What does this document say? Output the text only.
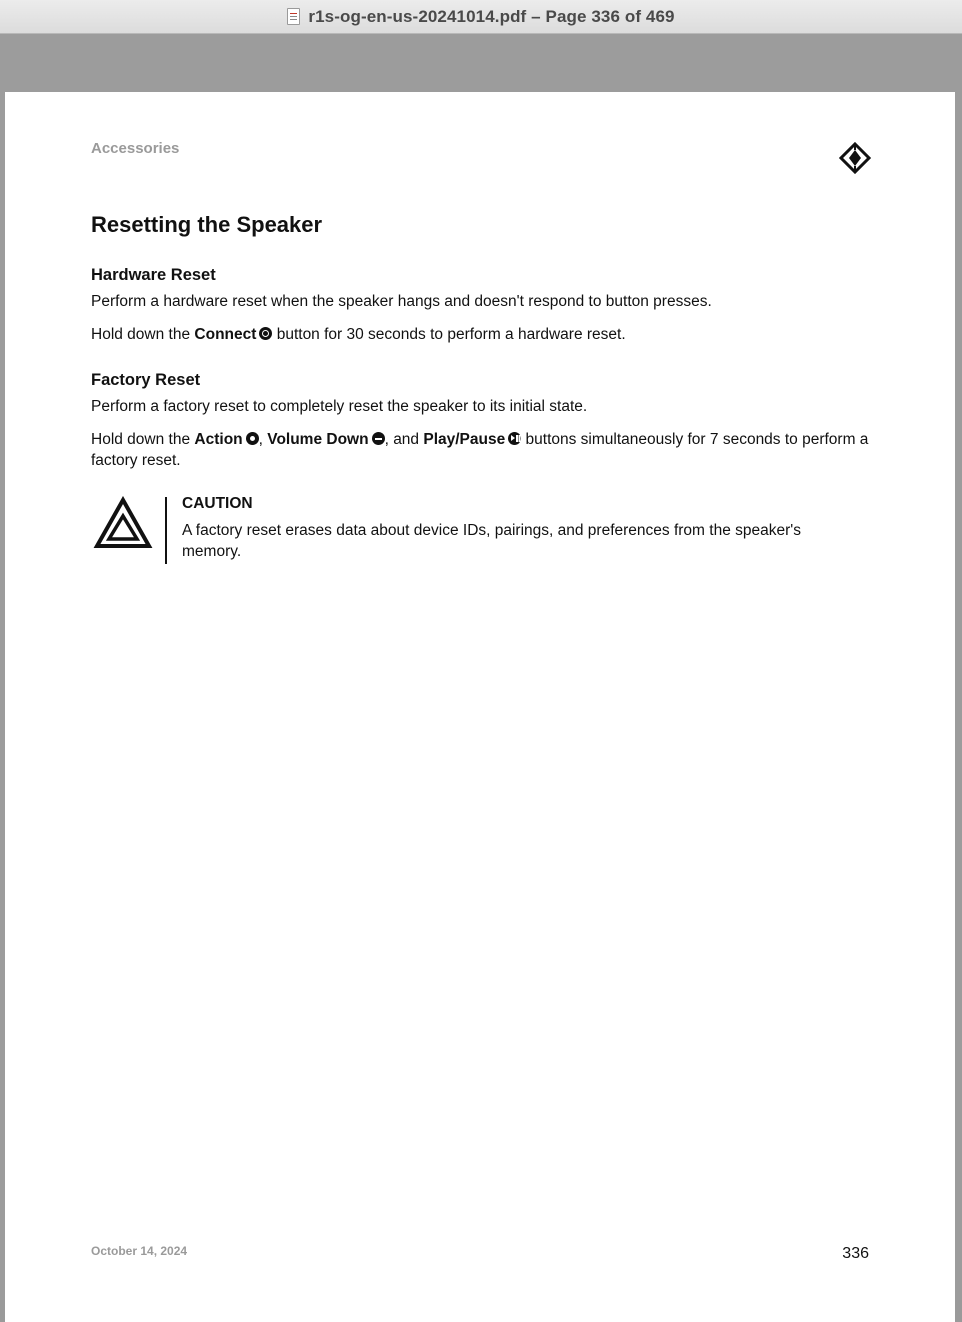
r1s-og-en-us-20241014.pdf – Page 336 of 469
Accessories
Resetting the Speaker
Hardware Reset

Perform a hardware reset when the speaker hangs and doesn't respond to button presses.

Hold down the Connect button for 30 seconds to perform a hardware reset.

Factory Reset

Perform a factory reset to completely reset the speaker to its initial state.

Hold down the Action , Volume Down , and Play/Pause buttons simultaneously for 7 seconds to perform a factory reset.

CAUTION
A factory reset erases data about device IDs, pairings, and preferences from the speaker's memory.
October 14, 2024	336
